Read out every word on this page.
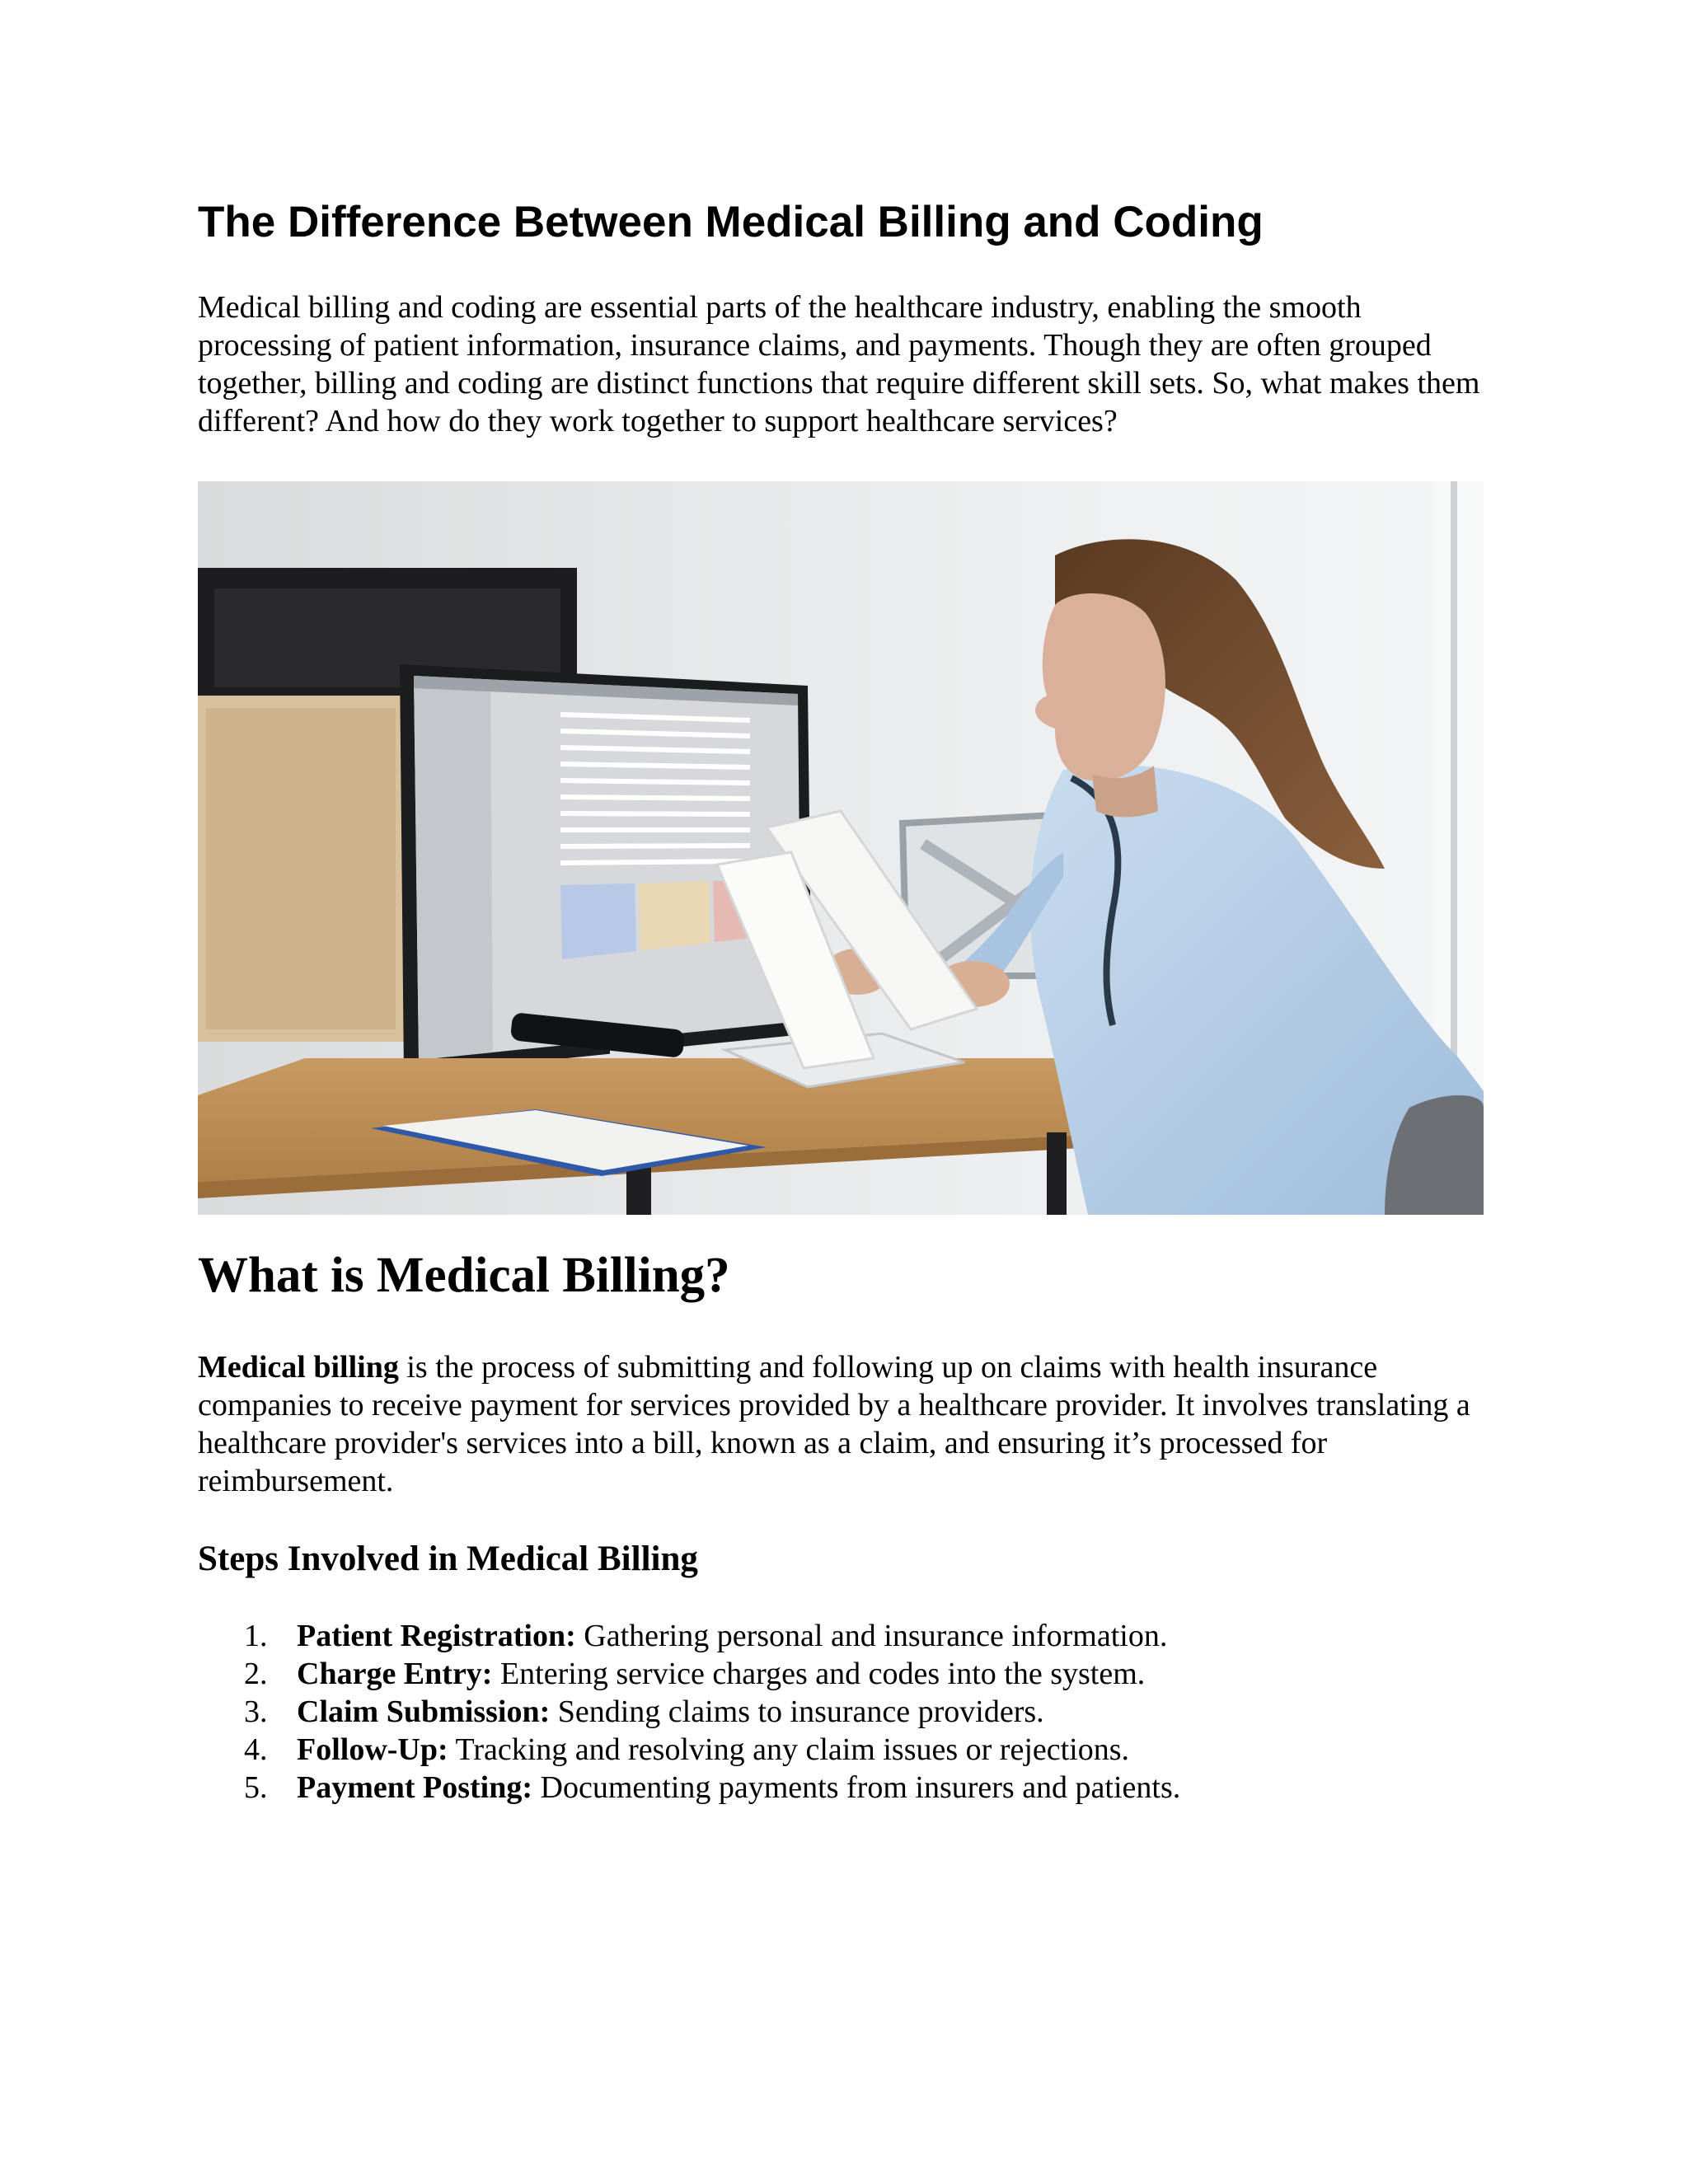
The Difference Between Medical Billing and Coding

Medical billing and coding are essential parts of the healthcare industry, enabling the smooth processing of patient information, insurance claims, and payments. Though they are often grouped together, billing and coding are distinct functions that require different skill sets. So, what makes them different? And how do they work together to support healthcare services?

What is Medical Billing?

Medical billing is the process of submitting and following up on claims with health insurance companies to receive payment for services provided by a healthcare provider. It involves translating a healthcare provider's services into a bill, known as a claim, and ensuring it’s processed for reimbursement.

Steps Involved in Medical Billing
1. Patient Registration: Gathering personal and insurance information.
2. Charge Entry: Entering service charges and codes into the system.
3. Claim Submission: Sending claims to insurance providers.
4. Follow-Up: Tracking and resolving any claim issues or rejections.
5. Payment Posting: Documenting payments from insurers and patients.
